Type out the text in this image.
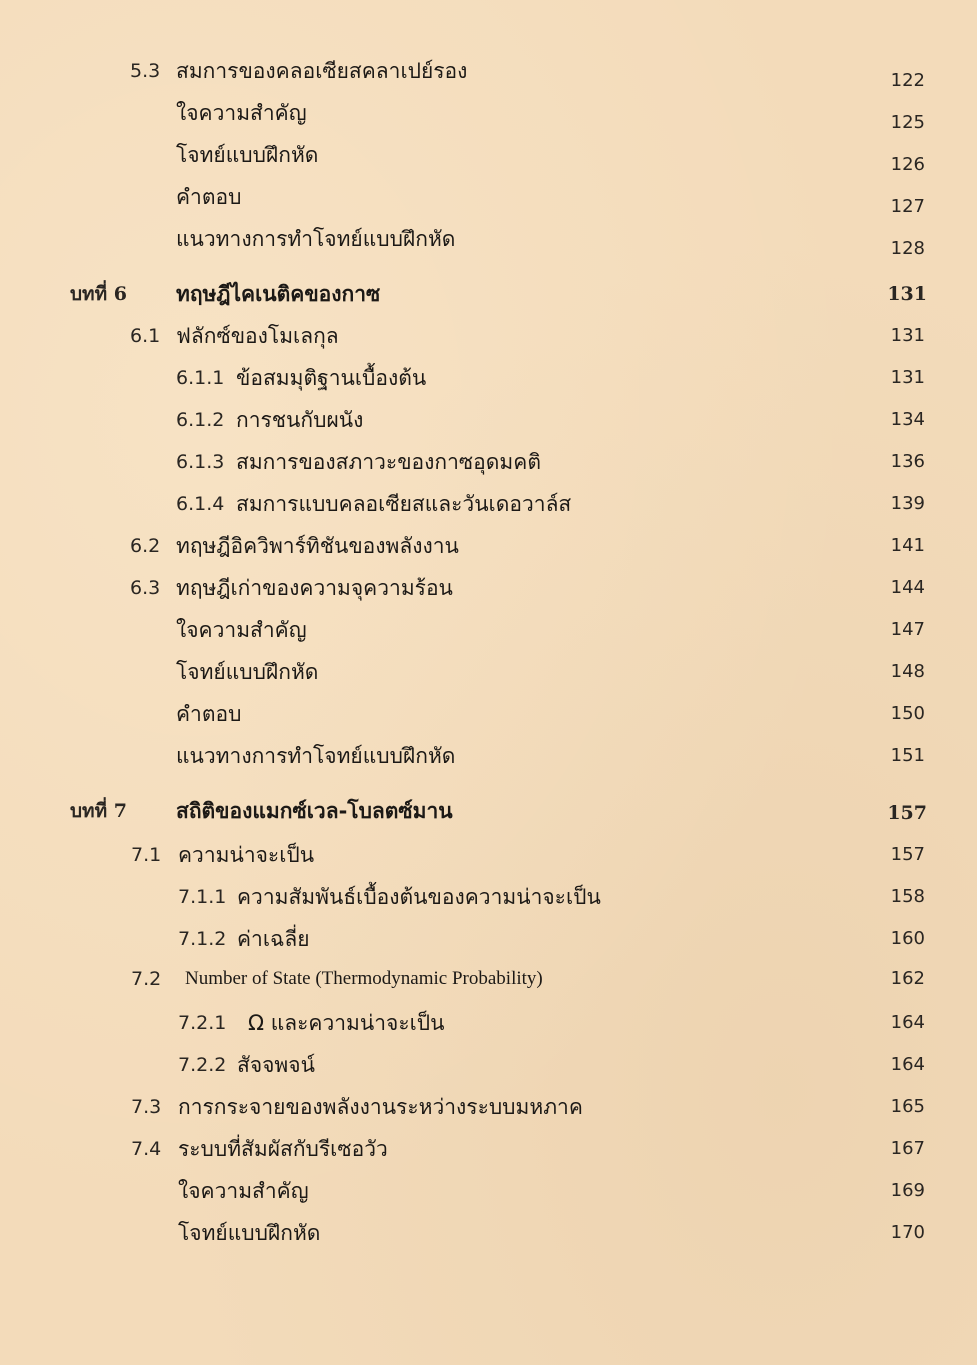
5.3 สมการของคลอเซียสคลาเปย์รอง	122
ใจความสำคัญ	125
โจทย์แบบฝึกหัด	126
คำตอบ	127
แนวทางการทำโจทย์แบบฝึกหัด	128
บทที่ 6 ทฤษฎีไคเนติคของกาซ	131
6.1 ฟลักซ์ของโมเลกุล	131
6.1.1 ข้อสมมุติฐานเบื้องต้น	131
6.1.2 การชนกับผนัง	134
6.1.3 สมการของสภาวะของกาซอุดมคติ	136
6.1.4 สมการแบบคลอเซียสและวันเดอวาล์ส	139
6.2 ทฤษฎีอิควิพาร์ทิชันของพลังงาน	141
6.3 ทฤษฎีเก่าของความจุความร้อน	144
ใจความสำคัญ	147
โจทย์แบบฝึกหัด	148
คำตอบ	150
แนวทางการทำโจทย์แบบฝึกหัด	151
บทที่ 7 สถิติของแมกซ์เวล-โบลตซ์มาน	157
7.1 ความน่าจะเป็น	157
7.1.1 ความสัมพันธ์เบื้องต้นของความน่าจะเป็น	158
7.1.2 ค่าเฉลี่ย	160
7.2 Number of State (Thermodynamic Probability)	162
7.2.1 Ω และความน่าจะเป็น	164
7.2.2 สัจจพจน์	164
7.3 การกระจายของพลังงานระหว่างระบบมหภาค	165
7.4 ระบบที่สัมผัสกับรีเซอวัว	167
ใจความสำคัญ	169
โจทย์แบบฝึกหัด	170
